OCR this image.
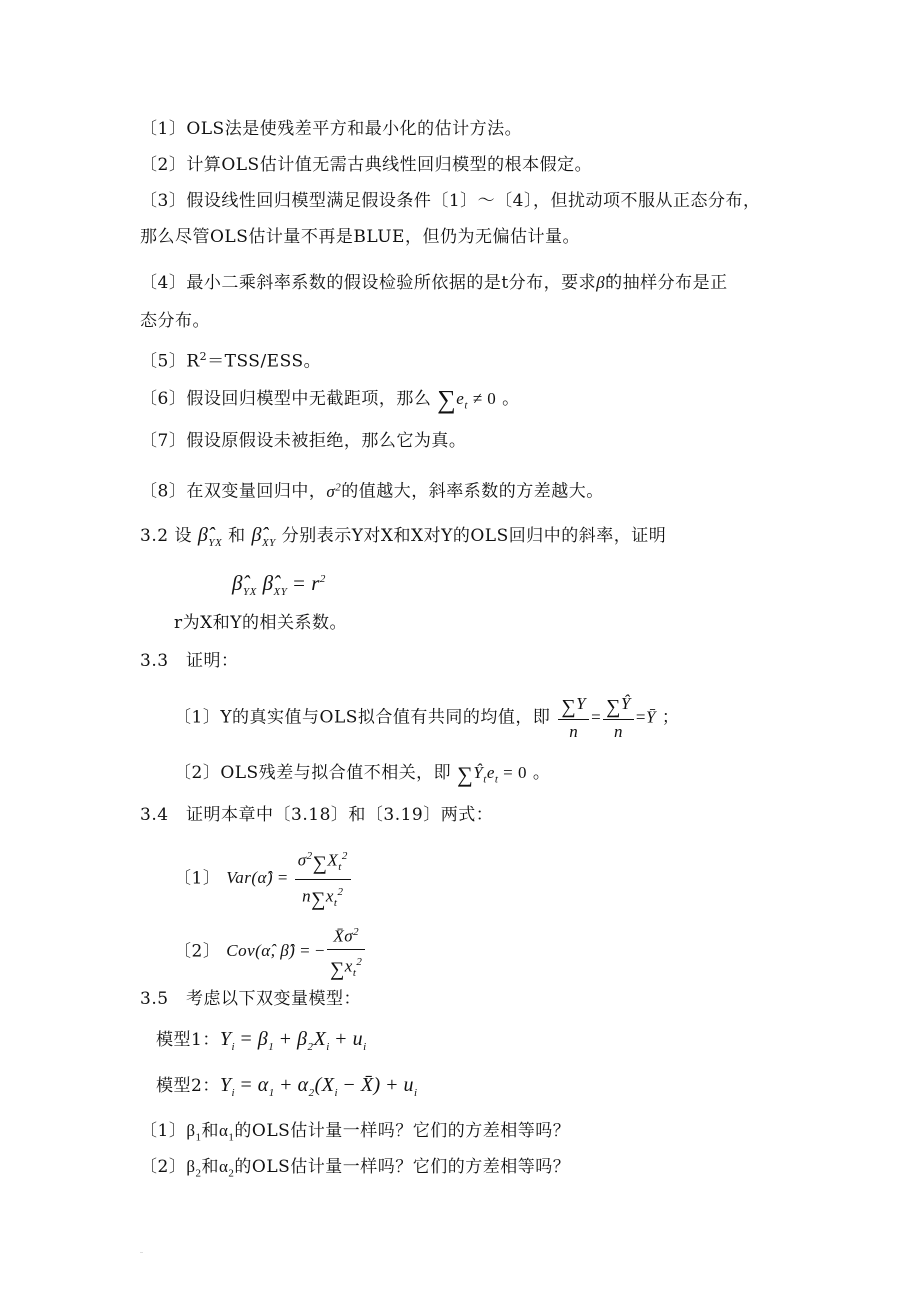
〔1〕OLS法是使残差平方和最小化的估计方法。
〔2〕计算OLS估计值无需古典线性回归模型的根本假定。
〔3〕假设线性回归模型满足假设条件〔1〕～〔4〕，但扰动项不服从正态分布，
那么尽管OLS估计量不再是BLUE，但仍为无偏估计量。
〔4〕最小二乘斜率系数的假设检验所依据的是t分布，要求β̂的抽样分布是正
态分布。
〔5〕$R^2=TSS$/ESS。
〔6〕假设回归模型中无截距项，那么 $\sum e_t \ne 0$ 。
〔7〕假设原假设未被拒绝，那么它为真。
〔8〕在双变量回归中，$\sigma^2$的值越大，斜率系数的方差越大。
3.2 设 $\betâ_{YX}$ 和 $\betâ_{XY}$ 分别表示Y对X和X对Y的OLS回归中的斜率，证明
$\betâ_{YX}$ $\betâ_{XY} = r^2$
r为X和Y的相关系数。
3.3　证明：
〔1〕Y的真实值与OLS拟合值有共同的均值，即 $\frac{\sum Y}{n} = \frac{\sum Ŷ}{n}$ =Ȳ ；
〔2〕OLS残差与拟合值不相关，即 $\sum Ŷ_te_t = 0$ 。
3.4　证明本章中〔3.18〕和〔3.19〕两式：
〔1〕 Var(α̂) = $\frac{\sigma^2\sum X_t^2}{n\sum x_t^2}$
〔2〕 Cov(α̂, β̂) = − $\frac{X̄\sigma^2}{\sum x_t^2}$
3.5　考虑以下双变量模型：
模型1：$Y_i = \beta_1 + \beta_2X_i + u_i$
模型2：$Y_i = \alpha_1 + \alpha_2(X_i$ − X̄) + $u_i$
〔1〕$\beta_1$和$\alpha_1$的OLS估计量一样吗？它们的方差相等吗？
〔2〕$\beta_2$和$\alpha_2$的OLS估计量一样吗？它们的方差相等吗？
